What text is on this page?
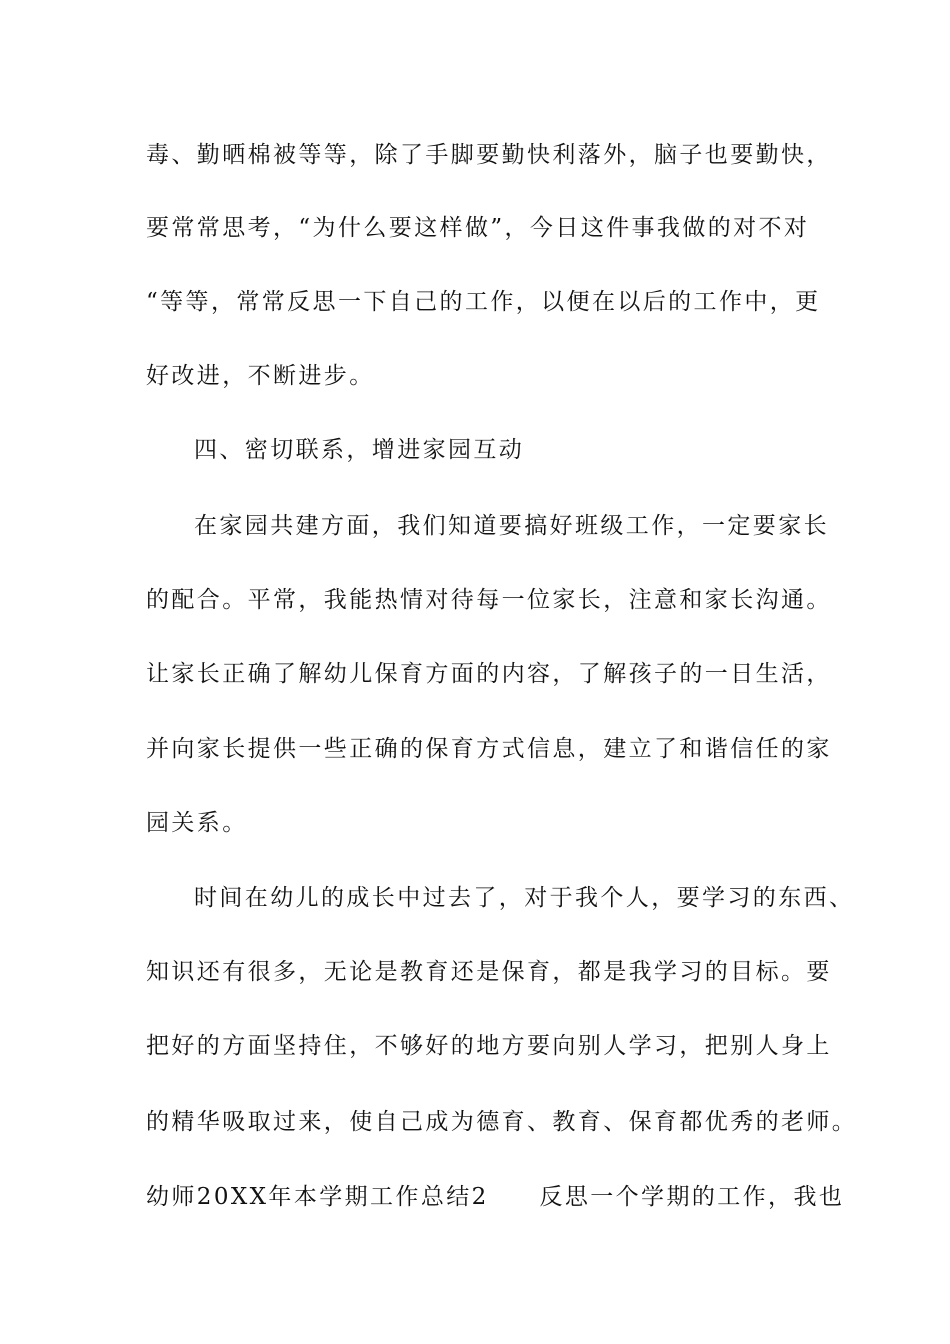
毒、勤晒棉被等等，除了手脚要勤快利落外，脑子也要勤快，
要常常思考，“为什么要这样做”，今日这件事我做的对不对
“等等，常常反思一下自己的工作，以便在以后的工作中，更
好改进，不断进步。
四、密切联系，增进家园互动
在家园共建方面，我们知道要搞好班级工作，一定要家长
的配合。平常，我能热情对待每一位家长，注意和家长沟通。
让家长正确了解幼儿保育方面的内容，了解孩子的一日生活，
并向家长提供一些正确的保育方式信息，建立了和谐信任的家
园关系。
时间在幼儿的成长中过去了，对于我个人，要学习的东西、
知识还有很多，无论是教育还是保育，都是我学习的目标。要
把好的方面坚持住，不够好的地方要向别人学习，把别人身上
的精华吸取过来，使自己成为德育、教育、保育都优秀的老师。
幼师20XX年本学期工作总结2　　反思一个学期的工作，我也
